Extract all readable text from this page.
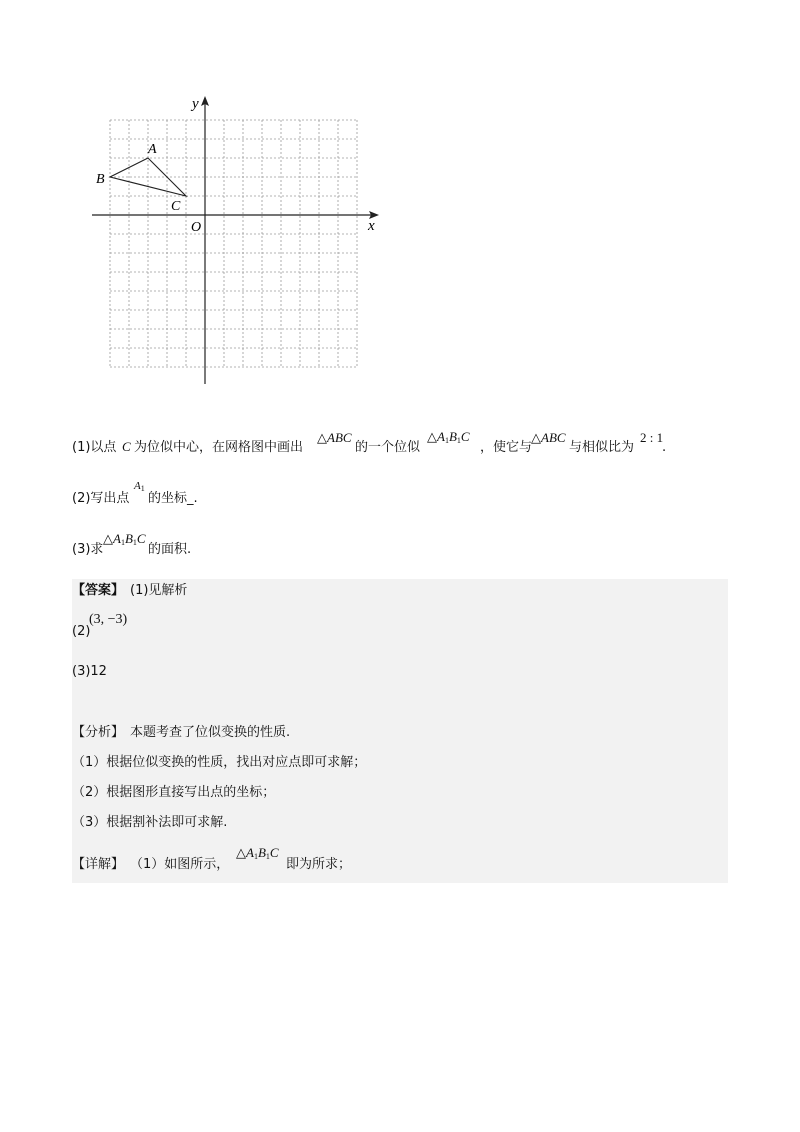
x
y
O
A
B
C
(1)以点 C 为位似中心，在网格图中画出
△ABC
的一个位似
$\triangle A_1B_1C$
，使它与
△ABC
与相似比为
2 : 1
.
(2)写出点
$A_1$
的坐标_.
(3)求
$\triangle A_1B_1C$
的面积.
【答案】 (1)见解析
(2)
(3, −3)
(3)12
【分析】 本题考查了位似变换的性质.
（1）根据位似变换的性质，找出对应点即可求解；
（2）根据图形直接写出点的坐标；
（3）根据割补法即可求解.
【详解】 （1）如图所示，
$\triangle A_1B_1C$
即为所求；
